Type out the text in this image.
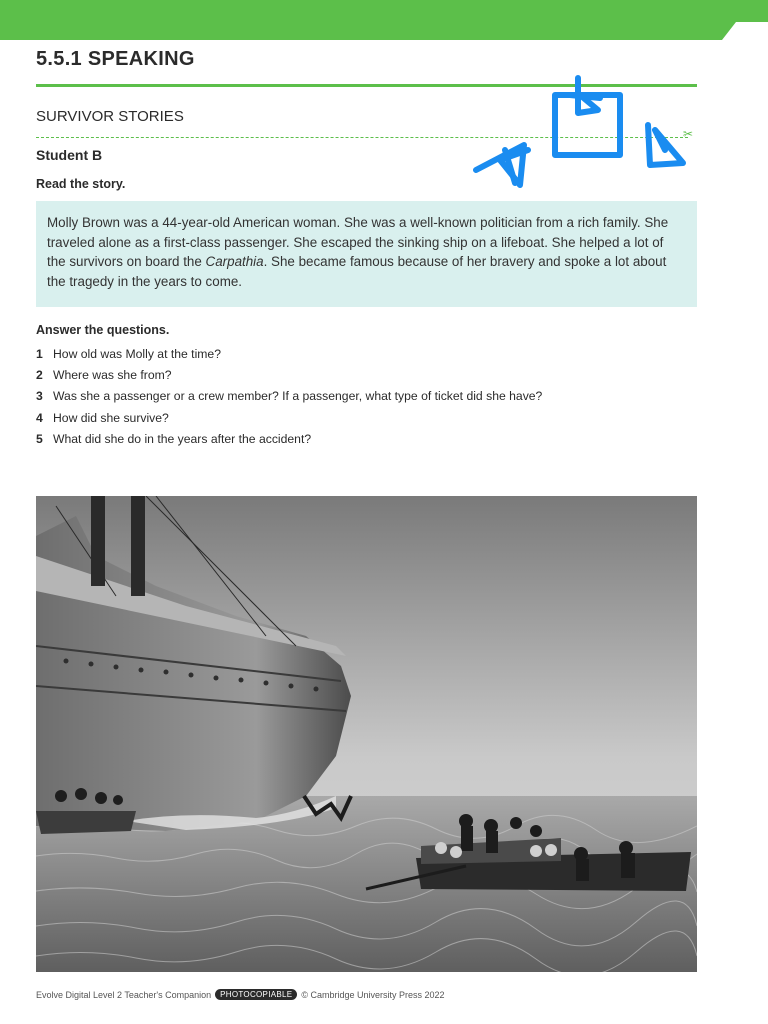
5.5.1 SPEAKING
SURVIVOR STORIES
✂
Student B
Read the story.
Molly Brown was a 44-year-old American woman. She was a well-known politician from a rich family. She traveled alone as a first-class passenger. She escaped the sinking ship on a lifeboat. She helped a lot of the survivors on board the Carpathia. She became famous because of her bravery and spoke a lot about the tragedy in the years to come.
Answer the questions.
1 How old was Molly at the time?
2 Where was she from?
3 Was she a passenger or a crew member? If a passenger, what type of ticket did she have?
4 How did she survive?
5 What did she do in the years after the accident?
Evolve Digital Level 2 Teacher's Companion	PHOTOCOPIABLE	© Cambridge University Press 2022
